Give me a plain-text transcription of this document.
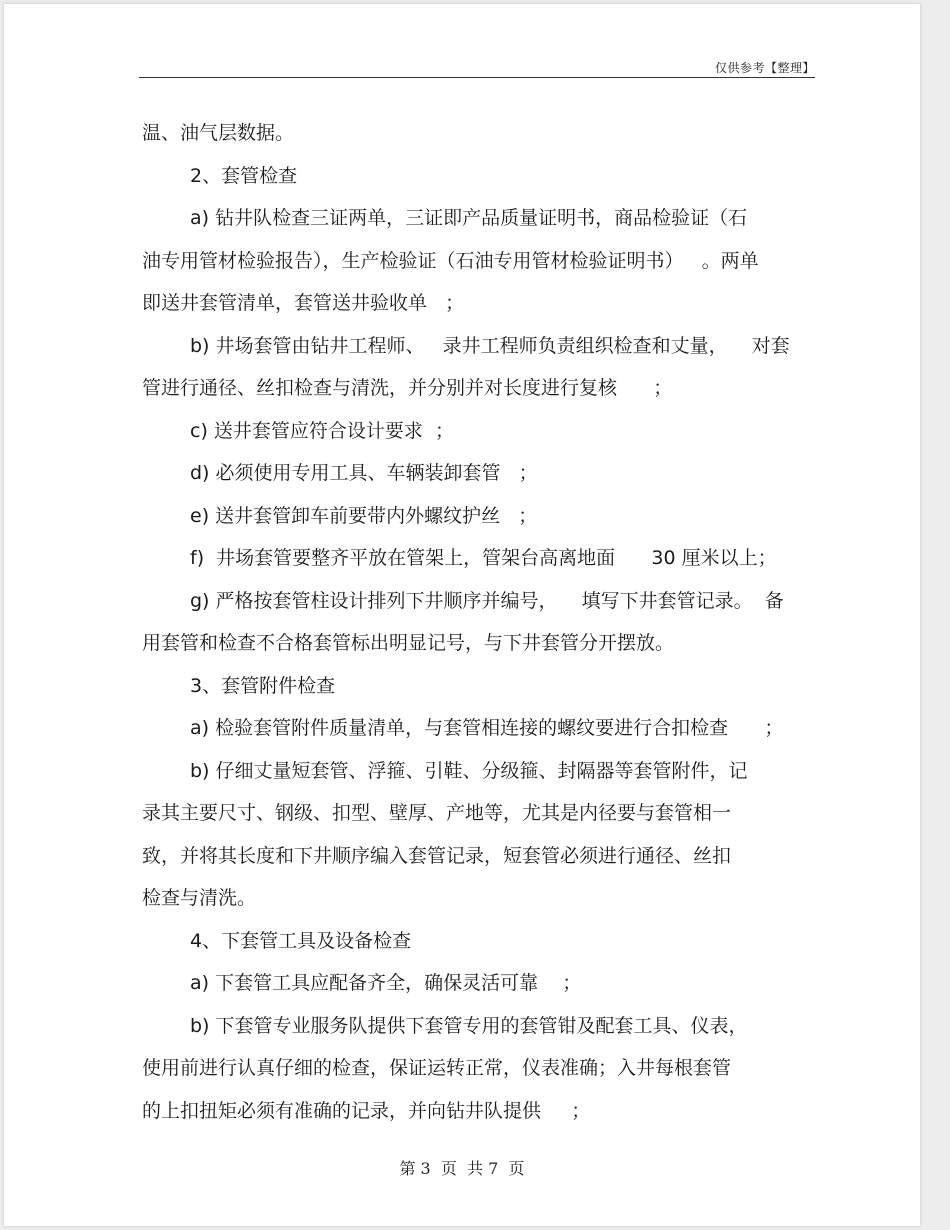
仅供参考【整理】
温、油气层数据。
2、套管检查
a) 钻井队检查三证两单，三证即产品质量证明书，商品检验证（石
油专用管材检验报告），生产检验证（石油专用管材检验证明书）   。两单
即送井套管清单，套管送井验收单   ；
b) 井场套管由钻井工程师、   录井工程师负责组织检查和丈量，    对套
管进行通径、丝扣检查与清洗，并分别并对长度进行复核      ；
c) 送井套管应符合设计要求  ；
d) 必须使用专用工具、车辆装卸套管   ；
e) 送井套管卸车前要带内外螺纹护丝   ；
f)  井场套管要整齐平放在管架上，管架台高离地面      30 厘米以上；
g) 严格按套管柱设计排列下井顺序并编号，    填写下井套管记录。  备
用套管和检查不合格套管标出明显记号，与下井套管分开摆放。
3、套管附件检查
a) 检验套管附件质量清单，与套管相连接的螺纹要进行合扣检查      ；
b) 仔细丈量短套管、浮箍、引鞋、分级箍、封隔器等套管附件，记
录其主要尺寸、钢级、扣型、壁厚、产地等，尤其是内径要与套管相一
致，并将其长度和下井顺序编入套管记录，短套管必须进行通径、丝扣
检查与清洗。
4、下套管工具及设备检查
a) 下套管工具应配备齐全，确保灵活可靠    ；
b) 下套管专业服务队提供下套管专用的套管钳及配套工具、仪表，
使用前进行认真仔细的检查，保证运转正常，仪表准确；入井每根套管
的上扣扭矩必须有准确的记录，并向钻井队提供     ；
第 3  页  共 7  页
